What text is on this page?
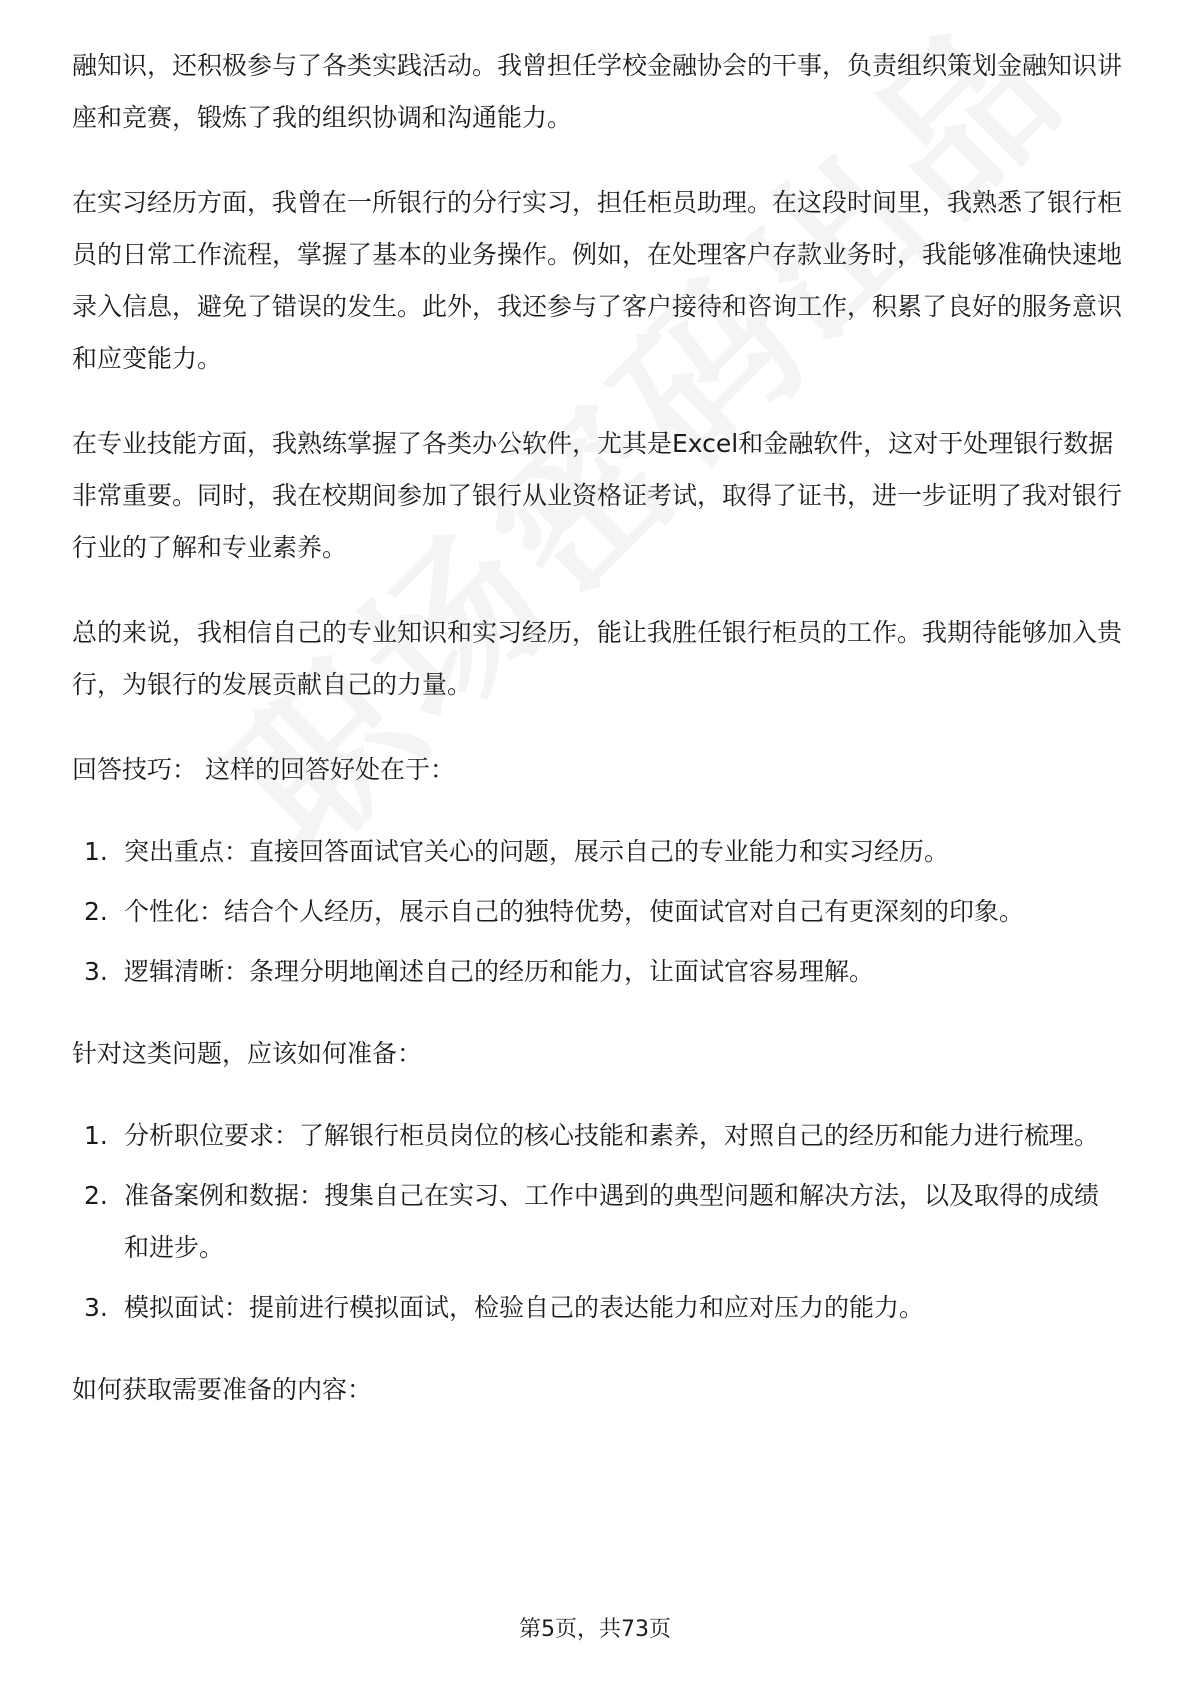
融知识，还积极参与了各类实践活动。我曾担任学校金融协会的干事，负责组织策划金融知识讲座和竞赛，锻炼了我的组织协调和沟通能力。

在实习经历方面，我曾在一所银行的分行实习，担任柜员助理。在这段时间里，我熟悉了银行柜员的日常工作流程，掌握了基本的业务操作。例如，在处理客户存款业务时，我能够准确快速地录入信息，避免了错误的发生。此外，我还参与了客户接待和咨询工作，积累了良好的服务意识和应变能力。

在专业技能方面，我熟练掌握了各类办公软件，尤其是Excel和金融软件，这对于处理银行数据非常重要。同时，我在校期间参加了银行从业资格证考试，取得了证书，进一步证明了我对银行行业的了解和专业素养。

总的来说，我相信自己的专业知识和实习经历，能让我胜任银行柜员的工作。我期待能够加入贵行，为银行的发展贡献自己的力量。

回答技巧： 这样的回答好处在于：

1. 突出重点：直接回答面试官关心的问题，展示自己的专业能力和实习经历。
2. 个性化：结合个人经历，展示自己的独特优势，使面试官对自己有更深刻的印象。
3. 逻辑清晰：条理分明地阐述自己的经历和能力，让面试官容易理解。

针对这类问题，应该如何准备：

1. 分析职位要求：了解银行柜员岗位的核心技能和素养，对照自己的经历和能力进行梳理。
2. 准备案例和数据：搜集自己在实习、工作中遇到的典型问题和解决方法，以及取得的成绩和进步。
3. 模拟面试：提前进行模拟面试，检验自己的表达能力和应对压力的能力。

如何获取需要准备的内容：

第5页，共73页
